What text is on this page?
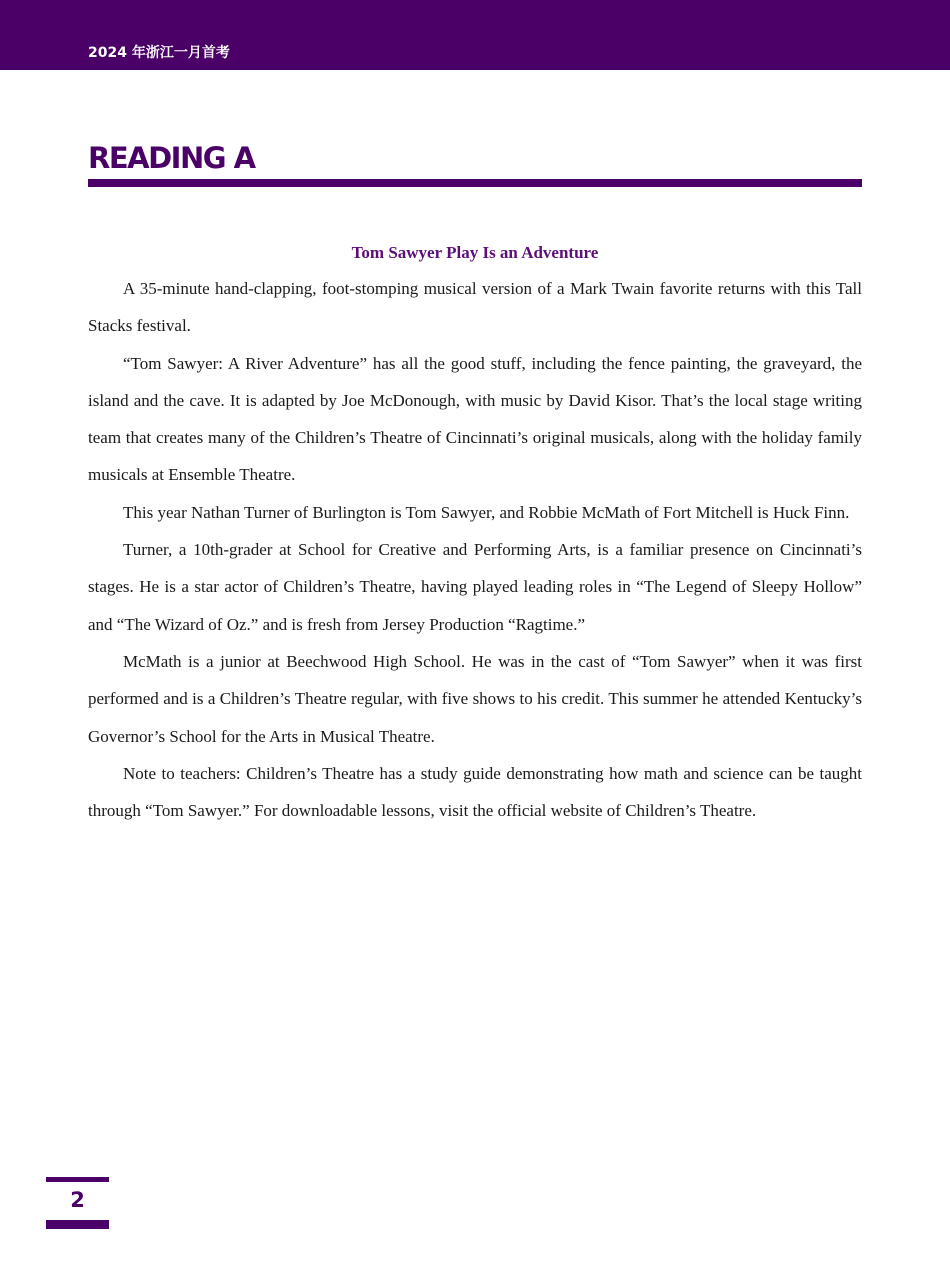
2024 年浙江一月首考
READING A
Tom Sawyer Play Is an Adventure

A 35-minute hand-clapping, foot-stomping musical version of a Mark Twain favorite returns with this Tall Stacks festival.

“Tom Sawyer: A River Adventure” has all the good stuff, including the fence painting, the graveyard, the island and the cave. It is adapted by Joe McDonough, with music by David Kisor. That’s the local stage writing team that creates many of the Children’s Theatre of Cincinnati’s original musicals, along with the holiday family musicals at Ensemble Theatre.

This year Nathan Turner of Burlington is Tom Sawyer, and Robbie McMath of Fort Mitchell is Huck Finn.

Turner, a 10th-grader at School for Creative and Performing Arts, is a familiar presence on Cincinnati’s stages. He is a star actor of Children’s Theatre, having played leading roles in “The Legend of Sleepy Hollow” and “The Wizard of Oz.” and is fresh from Jersey Production “Ragtime.”

McMath is a junior at Beechwood High School. He was in the cast of “Tom Sawyer” when it was first performed and is a Children’s Theatre regular, with five shows to his credit. This summer he attended Kentucky’s Governor’s School for the Arts in Musical Theatre.

Note to teachers: Children’s Theatre has a study guide demonstrating how math and science can be taught through “Tom Sawyer.” For downloadable lessons, visit the official website of Children’s Theatre.

2
